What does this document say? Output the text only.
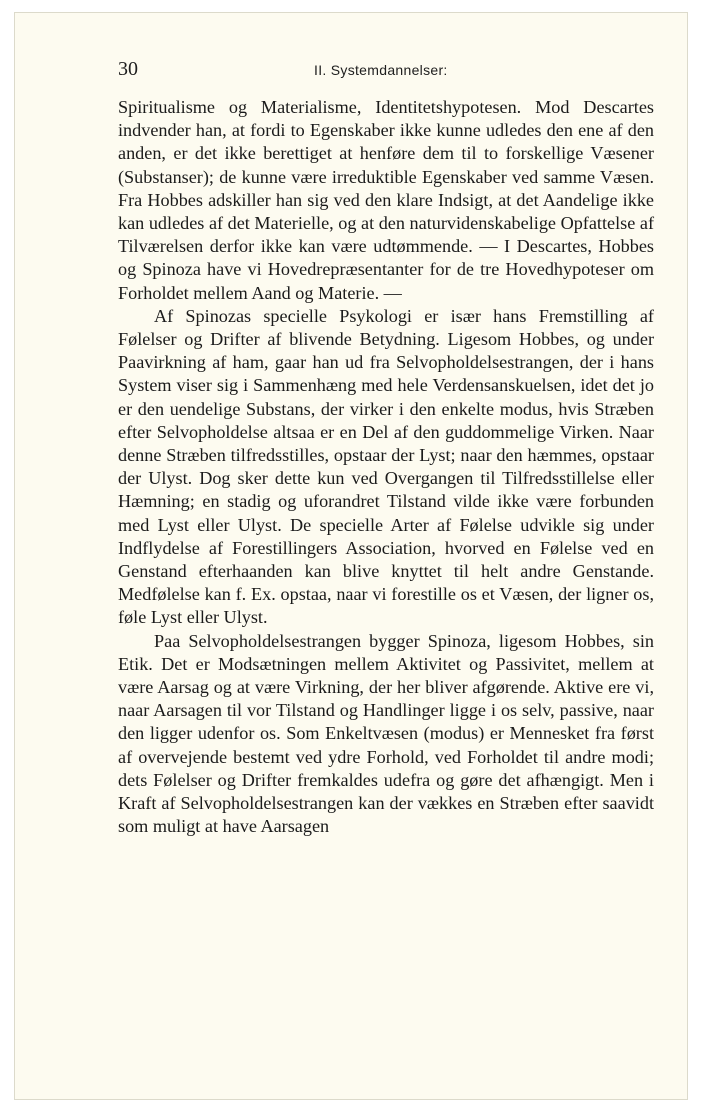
30	II. Systemdannelser:

Spiritualisme og Materialisme, Identitetshypotesen. Mod Descartes indvender han, at fordi to Egenskaber ikke kunne udledes den ene af den anden, er det ikke berettiget at henføre dem til to forskellige Væsener (Substanser); de kunne være irreduktible Egenskaber ved samme Væsen. Fra Hobbes adskiller han sig ved den klare Indsigt, at det Aandelige ikke kan udledes af det Materielle, og at den naturvidenskabelige Opfattelse af Tilværelsen derfor ikke kan være udtømmende. — I Descartes, Hobbes og Spinoza have vi Hovedrepræsentanter for de tre Hovedhypoteser om Forholdet mellem Aand og Materie. —

Af Spinozas specielle Psykologi er især hans Fremstilling af Følelser og Drifter af blivende Betydning. Ligesom Hobbes, og under Paavirkning af ham, gaar han ud fra Selvopholdelsestrangen, der i hans System viser sig i Sammenhæng med hele Verdensanskuelsen, idet det jo er den uendelige Substans, der virker i den enkelte modus, hvis Stræben efter Selvopholdelse altsaa er en Del af den guddommelige Virken. Naar denne Stræben tilfredsstilles, opstaar der Lyst; naar den hæmmes, opstaar der Ulyst. Dog sker dette kun ved Overgangen til Tilfredsstillelse eller Hæmning; en stadig og uforandret Tilstand vilde ikke være forbunden med Lyst eller Ulyst. De specielle Arter af Følelse udvikle sig under Indflydelse af Forestillingers Association, hvorved en Følelse ved en Genstand efterhaanden kan blive knyttet til helt andre Genstande. Medfølelse kan f. Ex. opstaa, naar vi forestille os et Væsen, der ligner os, føle Lyst eller Ulyst.

Paa Selvopholdelsestrangen bygger Spinoza, ligesom Hobbes, sin Etik. Det er Modsætningen mellem Aktivitet og Passivitet, mellem at være Aarsag og at være Virkning, der her bliver afgørende. Aktive ere vi, naar Aarsagen til vor Tilstand og Handlinger ligge i os selv, passive, naar den ligger udenfor os. Som Enkeltvæsen (modus) er Mennesket fra først af overvejende bestemt ved ydre Forhold, ved Forholdet til andre modi; dets Følelser og Drifter fremkaldes udefra og gøre det afhængigt. Men i Kraft af Selvopholdelsestrangen kan der vækkes en Stræben efter saavidt som muligt at have Aarsagen
